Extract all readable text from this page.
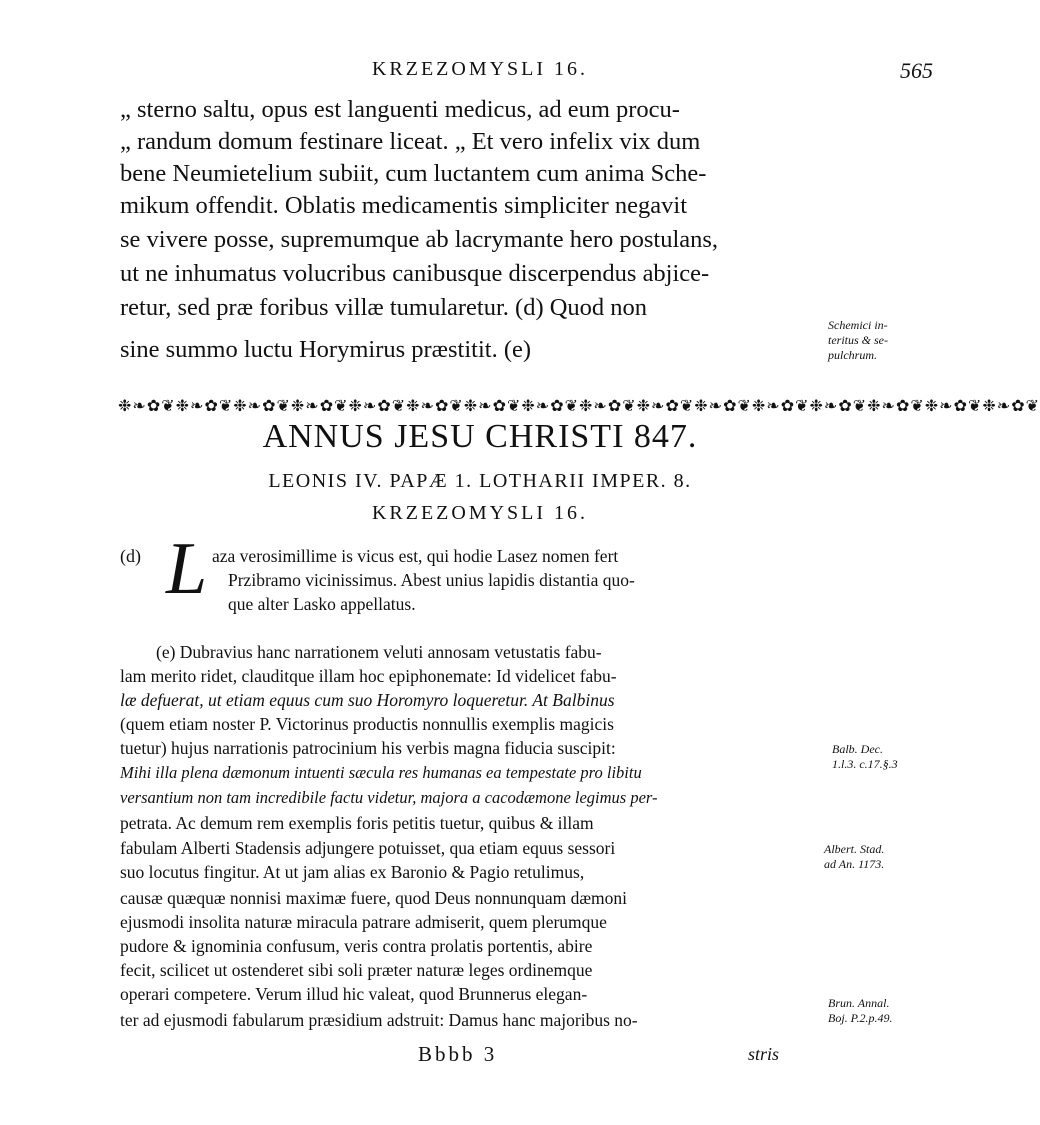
KRZEZOMYSLI 16.	565
„ sterno saltu, opus est languenti medicus, ad eum procu-
„ randum domum festinare liceat. „ Et vero infelix vix dum
bene Neumietelium subiit, cum luctantem cum anima Sche-
mikum offendit. Oblatis medicamentis simpliciter negavit
se vivere posse, supremumque ab lacrymante hero postulans,
ut ne inhumatus volucribus canibusque discerpendus abjice-
retur, sed præ foribus villæ tumularetur. (d) Quod non
sine summo luctu Horymirus præstitit. (e)
Schemici in-
teritus & se-
pulchrum.
❉❧✿❦❉❧✿❦❉❧✿❦❉❧✿❦❉❧✿❦❉❧✿❦❉❧✿❦❉❧✿❦❉❧✿❦❉❧✿❦❉❧✿❦❉❧✿❦❉❧✿❦❉❧✿❦❉❧✿❦❉❧✿❦
ANNUS JESU CHRISTI 847.
LEONIS IV. PAPÆ 1. LOTHARII IMPER. 8.
KRZEZOMYSLI 16.
(d) L aza verosimillime is vicus est, qui hodie Lasez nomen fert
Przibramo vicinissimus. Abest unius lapidis distantia quo-
que alter Lasko appellatus.
(e) Dubravius hanc narrationem veluti annosam vetustatis fabu-
lam merito ridet, clauditque illam hoc epiphonemate: Id videlicet fabu-
læ defuerat, ut etiam equus cum suo Horomyro loqueretur. At Balbinus
(quem etiam noster P. Victorinus productis nonnullis exemplis magicis
tuetur) hujus narrationis patrocinium his verbis magna fiducia suscipit:
Mihi illa plena dæmonum intuenti sæcula res humanas ea tempestate pro libitu
versantium non tam incredibile factu videtur, majora a cacodæmone legimus per-
petrata. Ac demum rem exemplis foris petitis tuetur, quibus & illam
fabulam Alberti Stadensis adjungere potuisset, qua etiam equus sessori
suo locutus fingitur. At ut jam alias ex Baronio & Pagio retulimus,
causæ quæquæ nonnisi maximæ fuere, quod Deus nonnunquam dæmoni
ejusmodi insolita naturæ miracula patrare admiserit, quem plerumque
pudore & ignominia confusum, veris contra prolatis portentis, abire
fecit, scilicet ut ostenderet sibi soli præter naturæ leges ordinemque
operari competere. Verum illud hic valeat, quod Brunnerus elegan-
ter ad ejusmodi fabularum præsidium adstruit: Damus hanc majoribus no-
Balb. Dec.
1.l.3. c.17.§.3
Albert. Stad.
ad An. 1173.
Brun. Annal.
Boj. P.2.p.49.
Bbbb 3	stris
